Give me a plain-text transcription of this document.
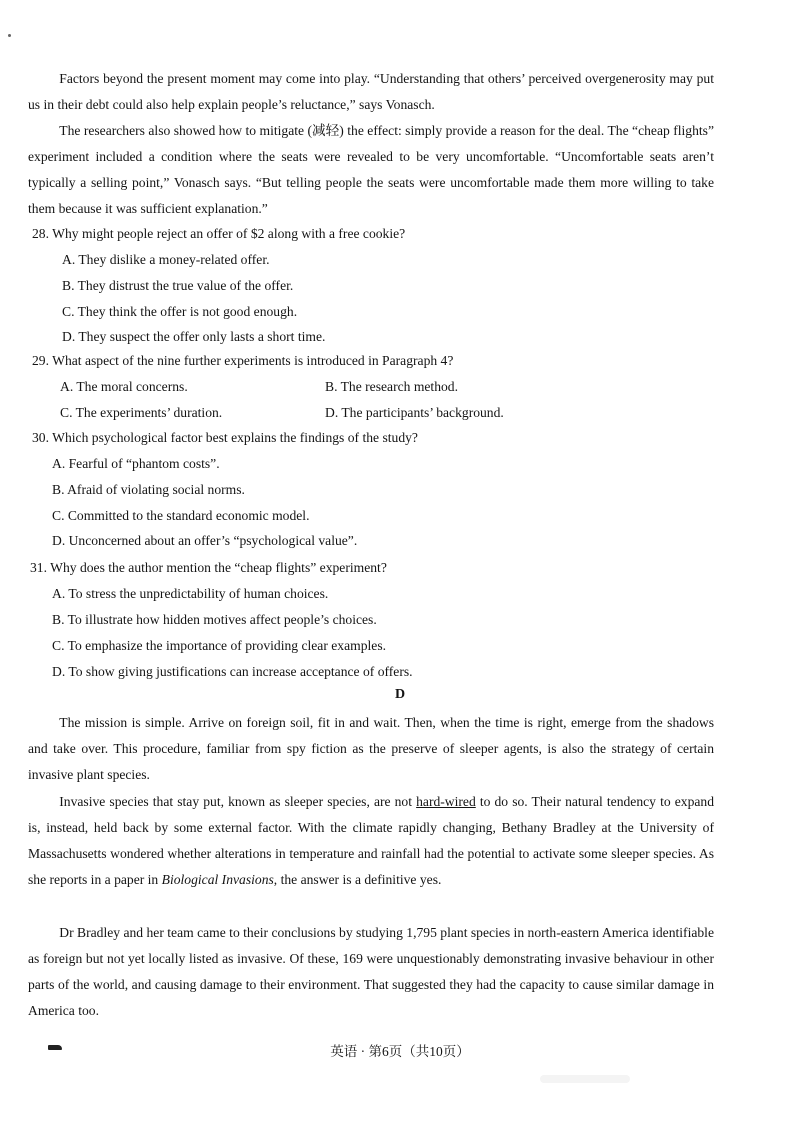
Factors beyond the present moment may come into play. “Understanding that others’ perceived overgenerosity may put us in their debt could also help explain people’s reluctance,” says Vonasch.

The researchers also showed how to mitigate (减轻) the effect: simply provide a reason for the deal. The “cheap flights” experiment included a condition where the seats were revealed to be very uncomfortable. “Uncomfortable seats aren’t typically a selling point,” Vonasch says. “But telling people the seats were uncomfortable made them more willing to take them because it was sufficient explanation.”

28. Why might people reject an offer of $2 along with a free cookie?

A. They dislike a money-related offer.

B. They distrust the true value of the offer.

C. They think the offer is not good enough.

D. They suspect the offer only lasts a short time.

29. What aspect of the nine further experiments is introduced in Paragraph 4?

A. The moral concerns.	B. The research method.

C. The experiments’ duration.	D. The participants’ background.

30. Which psychological factor best explains the findings of the study?

A. Fearful of “phantom costs”.

B. Afraid of violating social norms.

C. Committed to the standard economic model.

D. Unconcerned about an offer’s “psychological value”.

31. Why does the author mention the “cheap flights” experiment?

A. To stress the unpredictability of human choices.

B. To illustrate how hidden motives affect people’s choices.

C. To emphasize the importance of providing clear examples.

D. To show giving justifications can increase acceptance of offers.

D

The mission is simple. Arrive on foreign soil, fit in and wait. Then, when the time is right, emerge from the shadows and take over. This procedure, familiar from spy fiction as the preserve of sleeper agents, is also the strategy of certain invasive plant species.

Invasive species that stay put, known as sleeper species, are not hard-wired to do so. Their natural tendency to expand is, instead, held back by some external factor. With the climate rapidly changing, Bethany Bradley at the University of Massachusetts wondered whether alterations in temperature and rainfall had the potential to activate some sleeper species. As she reports in a paper in Biological Invasions, the answer is a definitive yes.

Dr Bradley and her team came to their conclusions by studying 1,795 plant species in north-eastern America identifiable as foreign but not yet locally listed as invasive. Of these, 169 were unquestionably demonstrating invasive behaviour in other parts of the world, and causing damage to their environment. That suggested they had the capacity to cause similar damage in America too.

英语 · 第6页（共10页）
